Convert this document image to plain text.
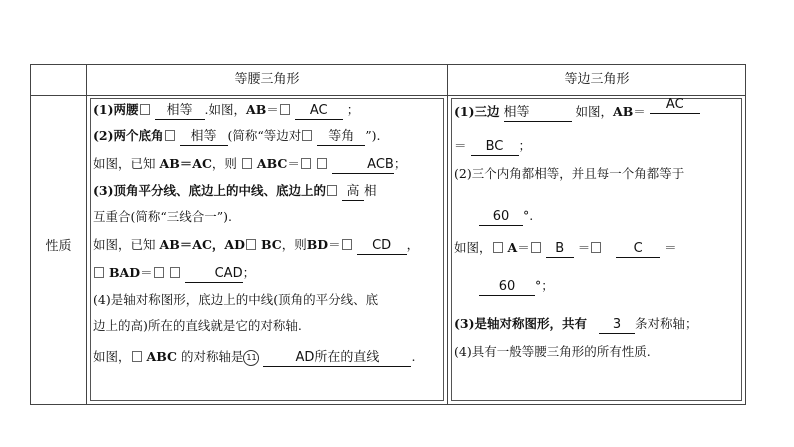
等腰三角形	等边三角形
性质
(1)两腰 相等 .如图，AB＝ AC ；
(2)两个底角 相等 (简称“等边对 等角 ”).
如图，已知 AB＝AC，则 ABC＝	ACB；
(3)顶角平分线、底边上的中线、底边上的 高 相
互重合(简称“三线合一”).
如图，已知 AB＝AC，AD BC，则BD＝ CD ，
BAD＝	CAD；
(4)是轴对称图形，底边上的中线(顶角的平分线、底
边上的高)所在的直线就是它的对称轴.
如图， ABC 的对称轴是 11	AD所在的直线	.
(1)三边 相等	如图，AB＝ AC
＝ BC ；
(2)三个内角都相等，并且每一个角都等于
60 °.
如图， A＝ B ＝	C ＝
60 °；
(3)是轴对称图形，共有 3 条对称轴；
(4)具有一般等腰三角形的所有性质.
